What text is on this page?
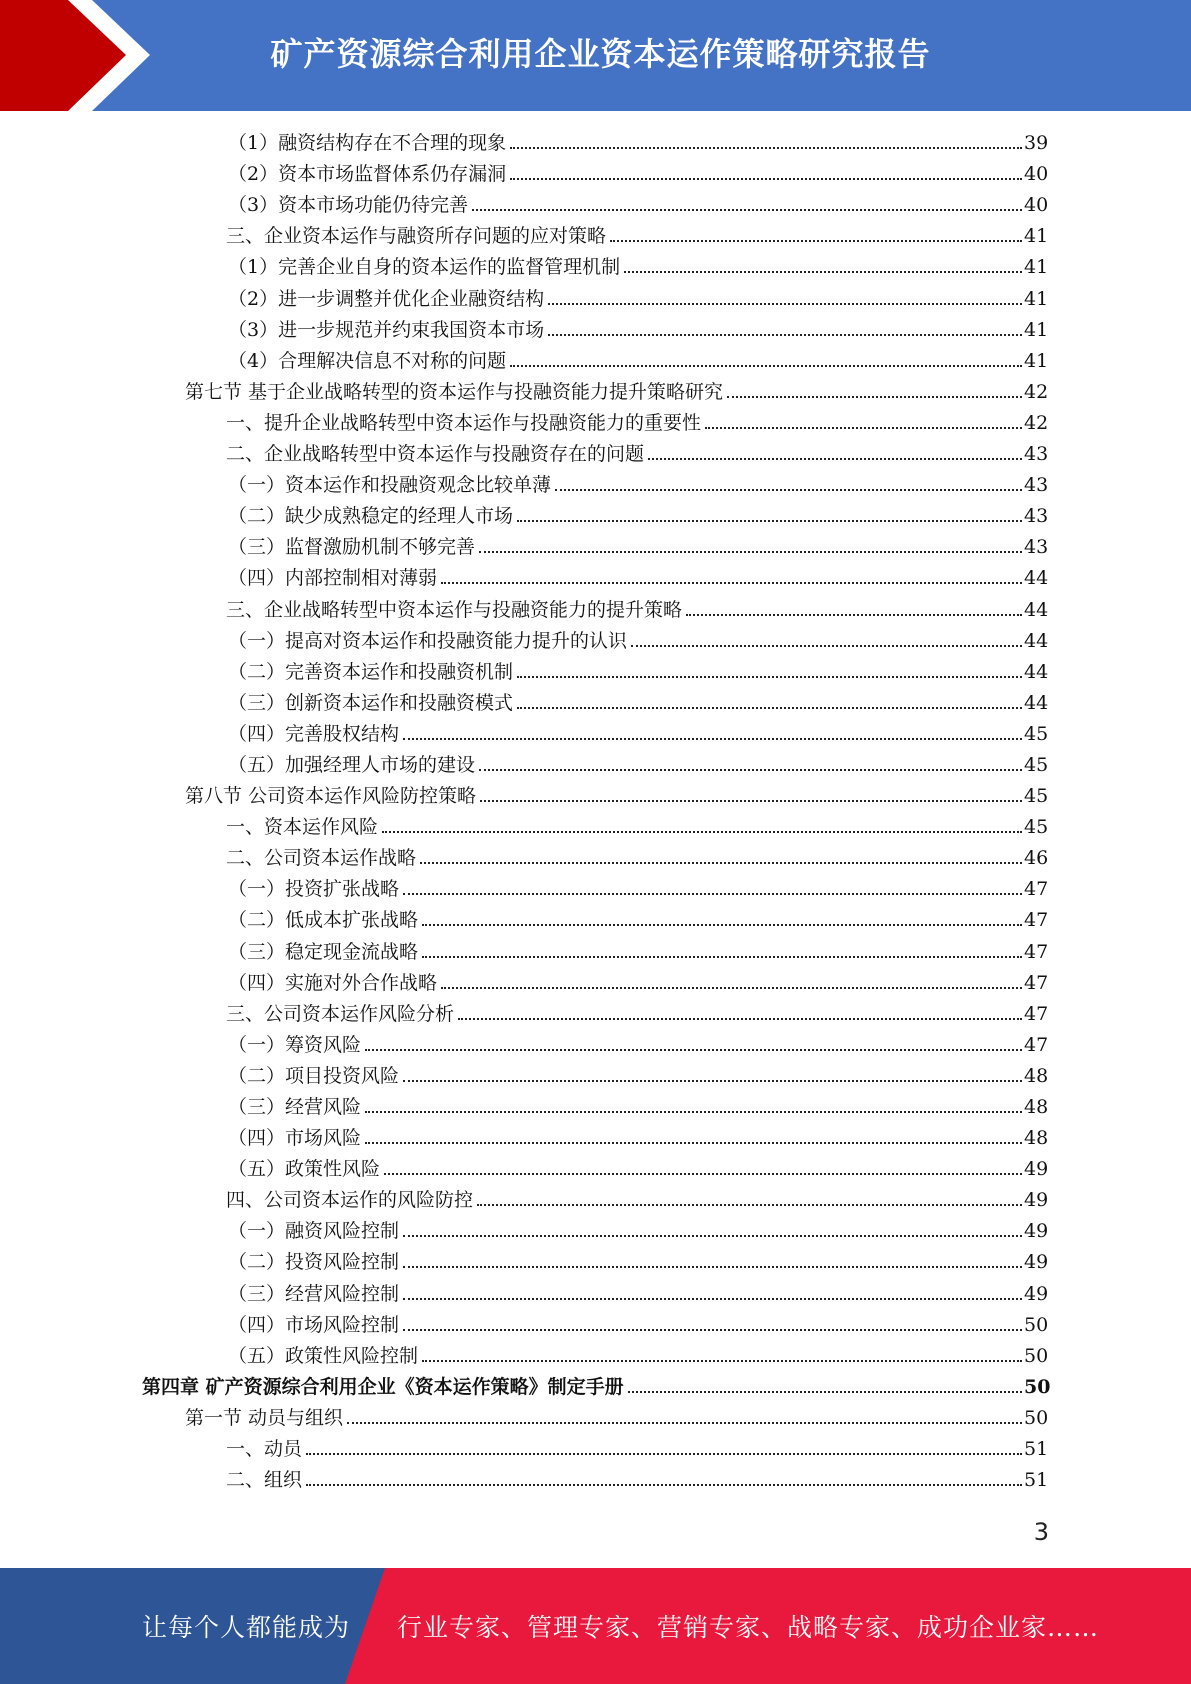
矿产资源综合利用企业资本运作策略研究报告
（1）融资结构存在不合理的现象	39
（2）资本市场监督体系仍存漏洞	40
（3）资本市场功能仍待完善	40
三、企业资本运作与融资所存问题的应对策略	41
（1）完善企业自身的资本运作的监督管理机制	41
（2）进一步调整并优化企业融资结构	41
（3）进一步规范并约束我国资本市场	41
（4）合理解决信息不对称的问题	41
第七节 基于企业战略转型的资本运作与投融资能力提升策略研究	42
一、提升企业战略转型中资本运作与投融资能力的重要性	42
二、企业战略转型中资本运作与投融资存在的问题	43
（一）资本运作和投融资观念比较单薄	43
（二）缺少成熟稳定的经理人市场	43
（三）监督激励机制不够完善	43
（四）内部控制相对薄弱	44
三、企业战略转型中资本运作与投融资能力的提升策略	44
（一）提高对资本运作和投融资能力提升的认识	44
（二）完善资本运作和投融资机制	44
（三）创新资本运作和投融资模式	44
（四）完善股权结构	45
（五）加强经理人市场的建设	45
第八节 公司资本运作风险防控策略	45
一、资本运作风险	45
二、公司资本运作战略	46
（一）投资扩张战略	47
（二）低成本扩张战略	47
（三）稳定现金流战略	47
（四）实施对外合作战略	47
三、公司资本运作风险分析	47
（一）筹资风险	47
（二）项目投资风险	48
（三）经营风险	48
（四）市场风险	48
（五）政策性风险	49
四、公司资本运作的风险防控	49
（一）融资风险控制	49
（二）投资风险控制	49
（三）经营风险控制	49
（四）市场风险控制	50
（五）政策性风险控制	50
第四章 矿产资源综合利用企业《资本运作策略》制定手册	50
第一节 动员与组织	50
一、动员	51
二、组织	51
3
让每个人都能成为 行业专家、管理专家、营销专家、战略专家、成功企业家……
